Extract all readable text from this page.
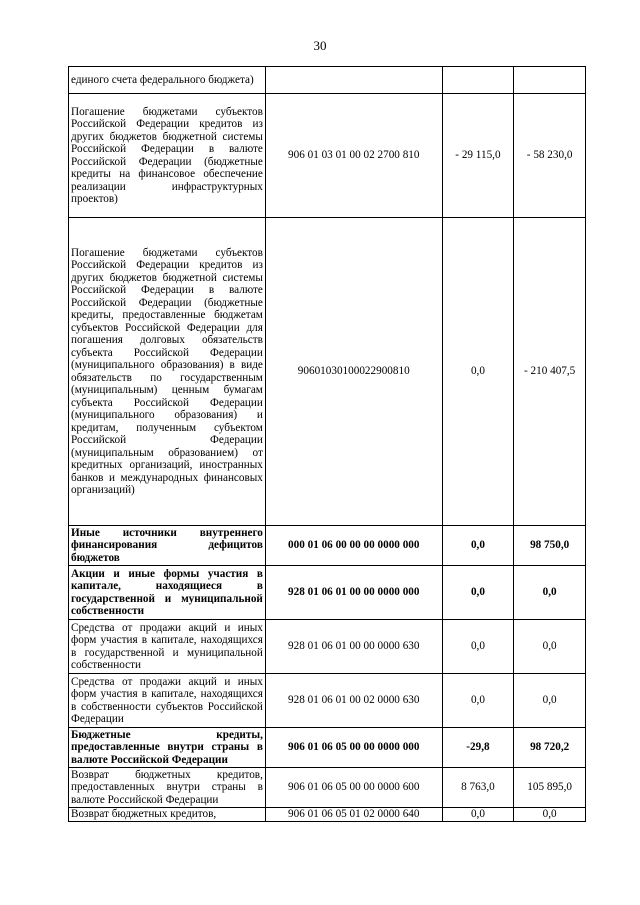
30
единого счета федерального бюджета)			
Погашение бюджетами субъектов Российской Федерации кредитов из других бюджетов бюджетной системы Российской Федерации в валюте Российской Федерации (бюджетные кредиты на финансовое обеспечение реализации инфраструктурных проектов)	906 01 03 01 00 02 2700 810	- 29 115,0	- 58 230,0
Погашение бюджетами субъектов Российской Федерации кредитов из других бюджетов бюджетной системы Российской Федерации в валюте Российской Федерации (бюджетные кредиты, предоставленные бюджетам субъектов Российской Федерации для погашения долговых обязательств субъекта Российской Федерации (муниципального образования) в виде обязательств по государственным (муниципальным) ценным бумагам субъекта Российской Федерации (муниципального образования) и кредитам, полученным субъектом Российской Федерации (муниципальным образованием) от кредитных организаций, иностранных банков и международных финансовых организаций)	90601030100022900810	0,0	- 210 407,5
Иные источники внутреннего финансирования дефицитов бюджетов	000 01 06 00 00 00 0000 000	0,0	98 750,0
Акции и иные формы участия в капитале, находящиеся в государственной и муниципальной собственности	928 01 06 01 00 00 0000 000	0,0	0,0
Средства от продажи акций и иных форм участия в капитале, находящихся в государственной и муниципальной собственности	928 01 06 01 00 00 0000 630	0,0	0,0
Средства от продажи акций и иных форм участия в капитале, находящихся в собственности субъектов Российской Федерации	928 01 06 01 00 02 0000 630	0,0	0,0
Бюджетные кредиты, предоставленные внутри страны в валюте Российской Федерации	906 01 06 05 00 00 0000 000	-29,8	98 720,2
Возврат бюджетных кредитов, предоставленных внутри страны в валюте Российской Федерации	906 01 06 05 00 00 0000 600	8 763,0	105 895,0
Возврат бюджетных кредитов,	906 01 06 05 01 02 0000 640	0,0	0,0
